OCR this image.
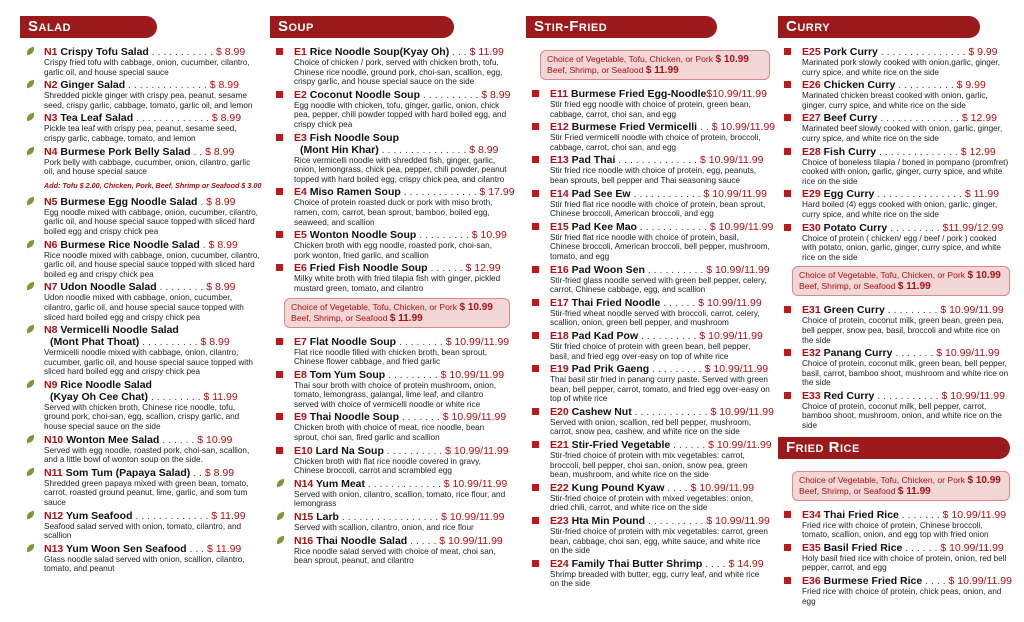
Salad
N1 Crispy Tofu Salad . . . . . . . . . . . $ 8.99
Crispy fried tofu with cabbage, onion, cucumber, cilantro, garlic oil, and house special sauce
N2 Ginger Salad . . . . . . . . . . . . . . $ 8.99
Shredded pickle ginger with crispy pea, peanut, sesame seed, crispy garlic, cabbage, tomato, garlic oil, and lemon
N3 Tea Leaf Salad . . . . . . . . . . . . . $ 8.99
Pickle tea leaf with crispy pea, peanut, sesame seed, crispy garlic, cabbage, tomato, and lemon
N4 Burmese Pork Belly Salad . . $ 8.99
Pork belly with cabbage, cucumber, onion, cilantro, garlic oil, and house special sauce
Add: Tofu $ 2.00, Chicken, Pork, Beef, Shrimp or Seafood $ 3.00
N5 Burmese Egg Noodle Salad . $ 8.99
Egg noodle mixed with cabbage, onion, cucumber, cilantro, garlic oil, and house special sauce topped with sliced hard boiled egg and crispy chick pea
N6 Burmese Rice Noodle Salad . $ 8.99
Rice noodle mixed with cabbage, onion, cucumber, cilantro, garlic oil, and house special sauce topped with sliced hard boiled eg and crispy chick pea
N7 Udon Noodle Salad . . . . . . . . $ 8.99
Udon noodle mixed with cabbage, onion, cucumber, cilantro, garlic oil, and house special sauce topped with sliced hard boiled egg and crispy chick pea
N8 Vermicelli Noodle Salad
(Mont Phat Thoat) . . . . . . . . . . $ 8.99
Vermicelli noodle mixed with cabbage, onion, cilantro, cucumber, garlic oil, and house special sauce topped with sliced hard boiled egg and crispy chick pea
N9 Rice Noodle Salad
(Kyay Oh Cee Chat) . . . . . . . . . $ 11.99
Served with chicken broth, Chinese rice noodle, tofu, ground pork, choi-san, egg, scallion, crispy garlic, and house special sauce on the side
N10 Wonton Mee Salad . . . . . . $ 10.99
Served with egg noodle, roasted pork, choi-san, scallion, and a little bowl of wonton soup on the side.
N11 Som Tum (Papaya Salad) . . $ 8.99
Shredded green papaya mixed with green bean, tomato, carrot, roasted ground peanut, lime, garlic, and som tum sauce
N12 Yum Seafood . . . . . . . . . . . . . $ 11.99
Seafood salad served with onion, tomato, cilantro, and scallion
N13 Yum Woon Sen Seafood . . . $ 11.99
Glass noodle salad served with onion, scallion, cilantro, tomato, and peanut
Soup
E1 Rice Noodle Soup(Kyay Oh) . . . $ 11.99
Choice of chicken / pork, served with chicken broth, tofu, Chinese rice noodle, ground pork, choi-san, scallion, egg, crispy garlic, and house special sauce on the side
E2 Coconut Noodle Soup . . . . . . . . . . $ 8.99
Egg noodle with chicken, tofu, ginger, garlic, onion, chick pea, pepper, chili powder topped with hard boiled egg, and crispy chick pea
E3 Fish Noodle Soup
(Mont Hin Khar) . . . . . . . . . . . . . . . $ 8.99
Rice vermicelli noodle with shredded fish, ginger, garlic, onion, lemongrass, chick pea, pepper, chili powder, peanut topped with hard boiled egg, crispy chick pea, and cilantro
E4 Miso Ramen Soup . . . . . . . . . . . . . $ 17.99
Choice of protein roasted duck or pork with miso broth, ramen, corn, carrot, bean sprout, bamboo, boiled egg, seaweed, and scallion
E5 Wonton Noodle Soup . . . . . . . . . $ 10.99
Chicken broth with egg noodle, roasted pork, choi-san, pork wonton, fried garlic, and scallion
E6 Fried Fish Noodle Soup . . . . . . $ 12.99
Milky white broth with fried tilapia fish with ginger, pickled mustard green, tomato, and cilantro
Choice of Vegetable, Tofu, Chicken, or Pork $ 10.99
Beef, Shrimp, or Seafood $ 11.99
E7 Flat Noodle Soup . . . . . . . . $ 10.99/11.99
Flat rice noodle filled with chicken broth, bean sprout, Chinese flower cabbage, and fried garlic
E8 Tom Yum Soup . . . . . . . . . $ 10.99/11.99
Thai sour broth with choice of protein mushroom, onion, tomato, lemongrass, galangal, lime leaf, and cilantro served with choice of vermicelli noodle or white rice
E9 Thai Noodle Soup . . . . . . . $ 10.99/11.99
Chicken broth with choice of meat, rice noodle, bean sprout, choi san, fired garlic and scallion
E10 Lard Na Soup . . . . . . . . . . $ 10.99/11.99
Chicken broth with flat rice noodle covered in gravy, Chinese broccoli, carrot and scrambled egg
N14 Yum Meat . . . . . . . . . . . . . $ 10.99/11.99
Served with onion, cilantro, scallion, tomato, rice flour, and lemongrass
N15 Larb . . . . . . . . . . . . . . . . . $ 10.99/11.99
Served with scallion, cilantro, onion, and rice flour
N16 Thai Noodle Salad . . . . . $ 10.99/11.99
Rice noodle salad served with choice of meat, choi san, bean sprout, peanut, and cilantro
Stir-Fried
Choice of Vegetable, Tofu, Chicken, or Pork $ 10.99
Beef, Shrimp, or Seafood $ 11.99
E11 Burmese Fried Egg-Noodle$10.99/11.99
Stir fried egg noodle with choice of protein, green bean, cabbage, carrot, choi san, and egg
E12 Burmese Fried Vermicelli . . $ 10.99/11.99
Stir Fried vermicelli noodle with choice of protein, broccoli, cabbage, carrot, choi san, and egg
E13 Pad Thai . . . . . . . . . . . . . . $ 10.99/11.99
Stir fried rice noodle with choice of protein, egg, peanuts, bean sprouts, bell pepper and Thai seasoning sauce
E14 Pad See Ew . . . . . . . . . . . . $ 10.99/11.99
Stir fried flat rice noodle with choice of protein, bean sprout, Chinese broccoli, American broccoli, and egg
E15 Pad Kee Mao . . . . . . . . . . . . $ 10.99/11.99
Stir fried flat rice noodle with choice of protein, basil, Chinese broccoli, American broccoli, bell pepper, mushroom, tomato, and egg
E16 Pad Woon Sen . . . . . . . . . . $ 10.99/11.99
Stir-fried glass noodle served with green bell pepper, celery, carrot, Chinese cabbage, egg, and scallion
E17 Thai Fried Noodle . . . . . . $ 10.99/11.99
Stir-fried wheat noodle served with broccoli, carrot, celery, scallion, onion, green bell pepper, and mushroom
E18 Pad Kad Pow . . . . . . . . . . $ 10.99/11.99
Stir fried choice of protein with green bean, bell pepper, basil, and fried egg over-easy on top of white rice
E19 Pad Prik Gaeng . . . . . . . . . $ 10.99/11.99
Thai basil stir fried in panang curry paste. Served with green bean, bell pepper, carrot, tomato, and fried egg over-easy on top of white rice
E20 Cashew Nut . . . . . . . . . . . . . $ 10.99/11.99
Served with onion, scallion, red bell pepper, mushroom, carrot, snow pea, cashew, and white rice on the side
E21 Stir-Fried Vegetable . . . . . . $ 10.99/11.99
Stir-fried choice of protein with mix vegetables: carrot, broccoli, bell pepper, choi san, onion, snow pea, green bean, mushroom, and white rice on the side
E22 Kung Pound Kyaw . . . . $ 10.99/11.99
Stir-fried choice of protein with mixed vegetables: onion, dried chili, carrot, and white rice on the side
E23 Hta Min Pound . . . . . . . . . . $ 10.99/11.99
Stir-fried choice of protein with mix vegetables: carrot, green bean, cabbage, choi san, egg, white sauce, and white rice on the side
E24 Family Thai Butter Shrimp . . . . $ 14.99
Shrimp breaded with butter, egg, curry leaf, and white rice on the side
Curry
E25 Pork Curry . . . . . . . . . . . . . . . $ 9.99
Marinated pork slowly cooked with onion,garlic, ginger, curry spice, and white rice on the side
E26 Chicken Curry . . . . . . . . . . $ 9.99
Marinated chicken breast cooked with onion, garlic, ginger, curry spice, and white rice on the side
E27 Beef Curry . . . . . . . . . . . . . . $ 12.99
Marinated beef slowly cooked with onion, garlic, ginger, curry spice, and white rice on the side
E28 Fish Curry . . . . . . . . . . . . . . $ 12.99
Choice of boneless tilapia / boned in pompano (promfret) cooked with onion, garlic, ginger, curry spice, and white rice on the side
E29 Egg Curry . . . . . . . . . . . . . . . $ 11.99
Hard boiled (4) eggs cooked with onion, garlic, ginger, curry spice, and white rice on the side
E30 Potato Curry . . . . . . . . . $11.99/12.99
Choice of protein ( chicken/ egg / beef / pork ) cooked with potato, onion, garlic, ginger, curry spice, and white rice on the side
Choice of Vegetable, Tofu, Chicken, or Pork $ 10.99
Beef, Shrimp, or Seafood $ 11.99
E31 Green Curry . . . . . . . . . $ 10.99/11.99
Choice of protein, coconut milk, green bean, green pea, bell pepper, snow pea, basil, broccoli and white rice on the side
E32 Panang Curry . . . . . . . $ 10.99/11.99
Choice of protein, coconut milk, green bean, bell pepper, basil, carrot, bamboo shoot, mushroom and white rice on the side
E33 Red Curry . . . . . . . . . . . $ 10.99/11.99
Choice of protein, coconut milk, bell pepper, carrot, bamboo shoot, mushroom, onion, and white rice on the side
Fried Rice
Choice of Vegetable, Tofu, Chicken, or Pork $ 10.99
Beef, Shrimp, or Seafood $ 11.99
E34 Thai Fried Rice . . . . . . . $ 10.99/11.99
Fried rice with choice of protein, Chinese broccoli, tomato, scallion, onion, and egg top with fried onion
E35 Basil Fried Rice . . . . . . $ 10.99/11.99
Holy basil fried rice with choice of protein, onion, red bell pepper, carrot, and egg
E36 Burmese Fried Rice . . . . $ 10.99/11.99
Fried rice with choice of protein, chick peas, onion, and egg
